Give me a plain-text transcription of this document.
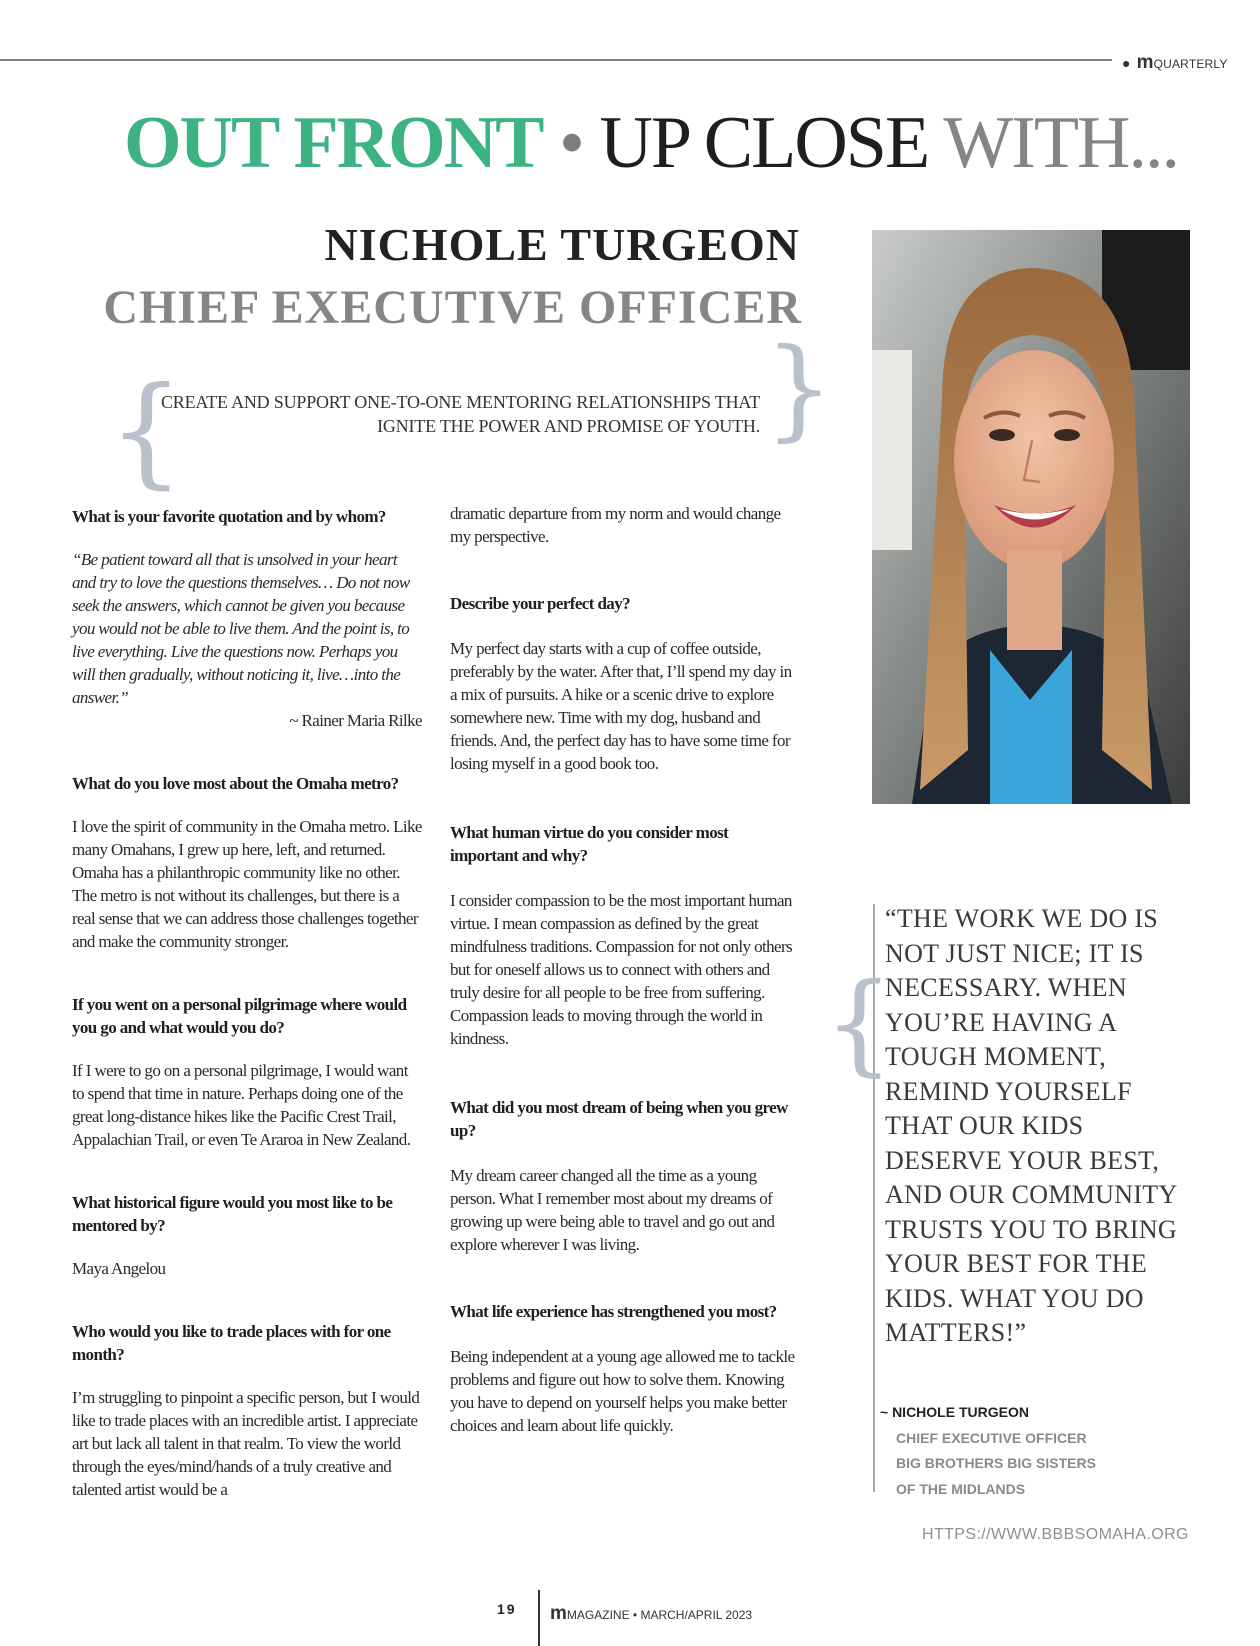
● mQUARTERLY
OUT FRONT • UP CLOSE WITH...
NICHOLE TURGEON
CHIEF EXECUTIVE OFFICER
{	}
CREATE AND SUPPORT ONE-TO-ONE MENTORING RELATIONSHIPS THAT
IGNITE THE POWER AND PROMISE OF YOUTH.

What is your favorite quotation and by whom?

“Be patient toward all that is unsolved in your heart and try to love the questions themselves… Do not now seek the answers, which cannot be given you because you would not be able to live them. And the point is, to live everything. Live the questions now. Perhaps you will then gradually, without noticing it, live…into the answer.”

~ Rainer Maria Rilke

What do you love most about the Omaha metro?

I love the spirit of community in the Omaha metro. Like many Omahans, I grew up here, left, and returned. Omaha has a philanthropic community like no other. The metro is not without its challenges, but there is a real sense that we can address those challenges together and make the community stronger.

If you went on a personal pilgrimage where would you go and what would you do?

If I were to go on a personal pilgrimage, I would want to spend that time in nature. Perhaps doing one of the great long-distance hikes like the Pacific Crest Trail, Appalachian Trail, or even Te Araroa in New Zealand.

What historical figure would you most like to be mentored by?

Maya Angelou

Who would you like to trade places with for one month?

I’m struggling to pinpoint a specific person, but I would like to trade places with an incredible artist. I appreciate art but lack all talent in that realm. To view the world through the eyes/mind/hands of a truly creative and talented artist would be a

dramatic departure from my norm and would change my perspective.

Describe your perfect day?

My perfect day starts with a cup of coffee outside, preferably by the water. After that, I’ll spend my day in a mix of pursuits. A hike or a scenic drive to explore somewhere new. Time with my dog, husband and friends. And, the perfect day has to have some time for losing myself in a good book too.

What human virtue do you consider most important and why?

I consider compassion to be the most important human virtue. I mean compassion as defined by the great mindfulness traditions. Compassion for not only others but for oneself allows us to connect with others and truly desire for all people to be free from suffering. Compassion leads to moving through the world in kindness.

What did you most dream of being when you grew up?

My dream career changed all the time as a young person. What I remember most about my dreams of growing up were being able to travel and go out and explore wherever I was living.

What life experience has strengthened you most?

Being independent at a young age allowed me to tackle problems and figure out how to solve them. Knowing you have to depend on yourself helps you make better choices and learn about life quickly.

{
“THE WORK WE DO IS NOT JUST NICE; IT IS NECESSARY. WHEN YOU’RE HAVING A TOUGH MOMENT, REMIND YOURSELF THAT OUR KIDS DESERVE YOUR BEST, AND OUR COMMUNITY TRUSTS YOU TO BRING YOUR BEST FOR THE KIDS. WHAT YOU DO MATTERS!”
~ NICHOLE TURGEON
CHIEF EXECUTIVE OFFICER
BIG BROTHERS BIG SISTERS
OF THE MIDLANDS
HTTPS://WWW.BBBSOMAHA.ORG
19 mMAGAZINE • MARCH/APRIL 2023
